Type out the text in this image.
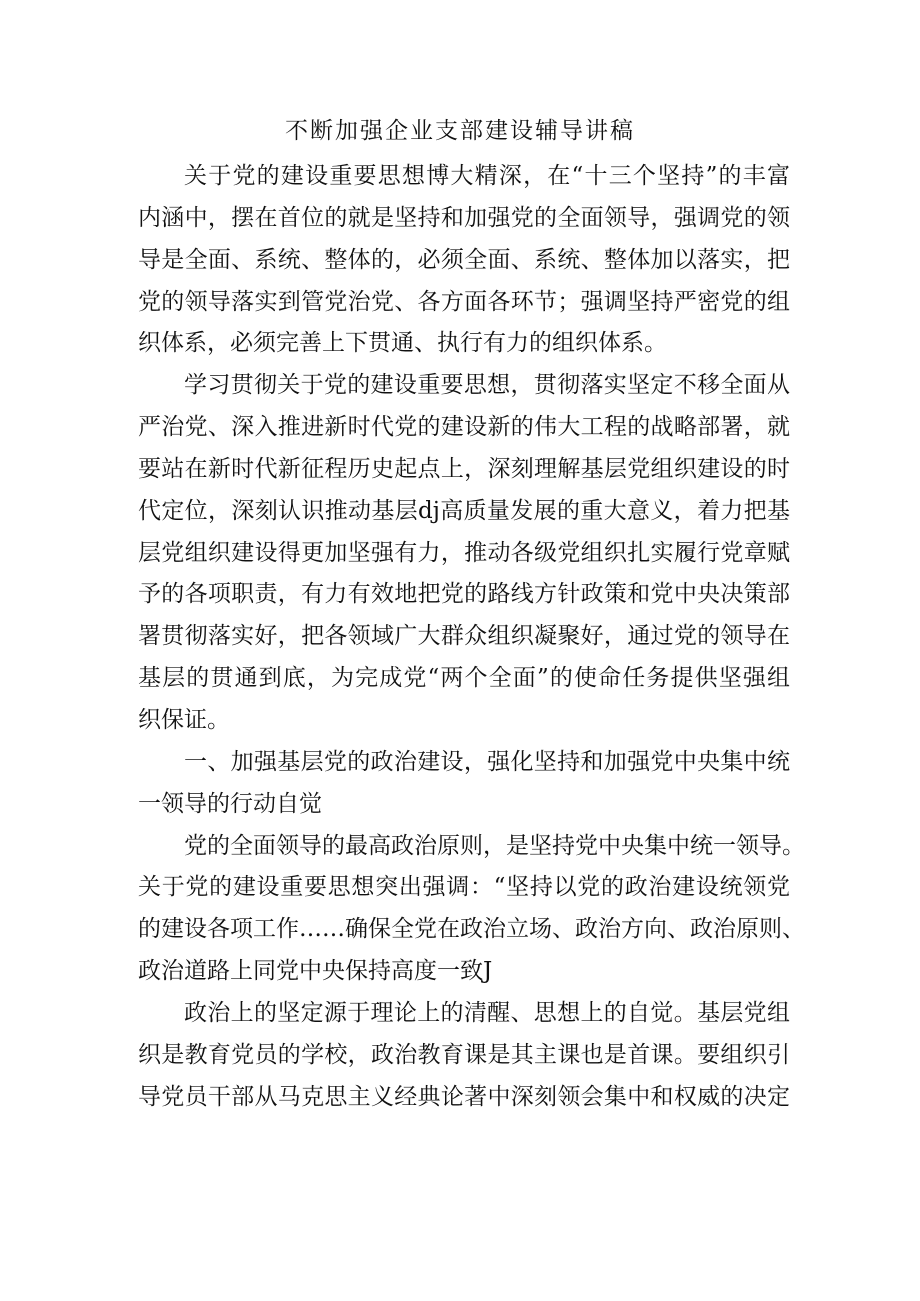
不断加强企业支部建设辅导讲稿
关于党的建设重要思想博大精深，在“十三个坚持”的丰富
内涵中，摆在首位的就是坚持和加强党的全面领导，强调党的领
导是全面、系统、整体的，必须全面、系统、整体加以落实，把
党的领导落实到管党治党、各方面各环节；强调坚持严密党的组
织体系，必须完善上下贯通、执行有力的组织体系。
学习贯彻关于党的建设重要思想，贯彻落实坚定不移全面从
严治党、深入推进新时代党的建设新的伟大工程的战略部署，就
要站在新时代新征程历史起点上，深刻理解基层党组织建设的时
代定位，深刻认识推动基层dj高质量发展的重大意义，着力把基
层党组织建设得更加坚强有力，推动各级党组织扎实履行党章赋
予的各项职责，有力有效地把党的路线方针政策和党中央决策部
署贯彻落实好，把各领域广大群众组织凝聚好，通过党的领导在
基层的贯通到底，为完成党“两个全面”的使命任务提供坚强组
织保证。
一、加强基层党的政治建设，强化坚持和加强党中央集中统
一领导的行动自觉
党的全面领导的最高政治原则，是坚持党中央集中统一领导。
关于党的建设重要思想突出强调：“坚持以党的政治建设统领党
的建设各项工作……确保全党在政治立场、政治方向、政治原则、
政治道路上同党中央保持高度一致J
政治上的坚定源于理论上的清醒、思想上的自觉。基层党组
织是教育党员的学校，政治教育课是其主课也是首课。要组织引
导党员干部从马克思主义经典论著中深刻领会集中和权威的决定
